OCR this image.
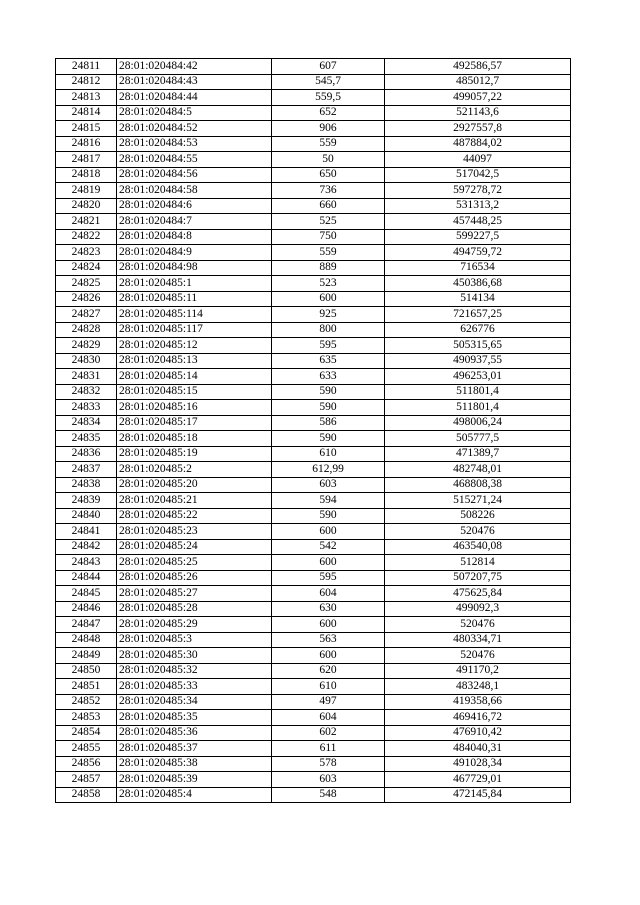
24811	28:01:020484:42	607	492586,57
24812	28:01:020484:43	545,7	485012,7
24813	28:01:020484:44	559,5	499057,22
24814	28:01:020484:5	652	521143,6
24815	28:01:020484:52	906	2927557,8
24816	28:01:020484:53	559	487884,02
24817	28:01:020484:55	50	44097
24818	28:01:020484:56	650	517042,5
24819	28:01:020484:58	736	597278,72
24820	28:01:020484:6	660	531313,2
24821	28:01:020484:7	525	457448,25
24822	28:01:020484:8	750	599227,5
24823	28:01:020484:9	559	494759,72
24824	28:01:020484:98	889	716534
24825	28:01:020485:1	523	450386,68
24826	28:01:020485:11	600	514134
24827	28:01:020485:114	925	721657,25
24828	28:01:020485:117	800	626776
24829	28:01:020485:12	595	505315,65
24830	28:01:020485:13	635	490937,55
24831	28:01:020485:14	633	496253,01
24832	28:01:020485:15	590	511801,4
24833	28:01:020485:16	590	511801,4
24834	28:01:020485:17	586	498006,24
24835	28:01:020485:18	590	505777,5
24836	28:01:020485:19	610	471389,7
24837	28:01:020485:2	612,99	482748,01
24838	28:01:020485:20	603	468808,38
24839	28:01:020485:21	594	515271,24
24840	28:01:020485:22	590	508226
24841	28:01:020485:23	600	520476
24842	28:01:020485:24	542	463540,08
24843	28:01:020485:25	600	512814
24844	28:01:020485:26	595	507207,75
24845	28:01:020485:27	604	475625,84
24846	28:01:020485:28	630	499092,3
24847	28:01:020485:29	600	520476
24848	28:01:020485:3	563	480334,71
24849	28:01:020485:30	600	520476
24850	28:01:020485:32	620	491170,2
24851	28:01:020485:33	610	483248,1
24852	28:01:020485:34	497	419358,66
24853	28:01:020485:35	604	469416,72
24854	28:01:020485:36	602	476910,42
24855	28:01:020485:37	611	484040,31
24856	28:01:020485:38	578	491028,34
24857	28:01:020485:39	603	467729,01
24858	28:01:020485:4	548	472145,84
